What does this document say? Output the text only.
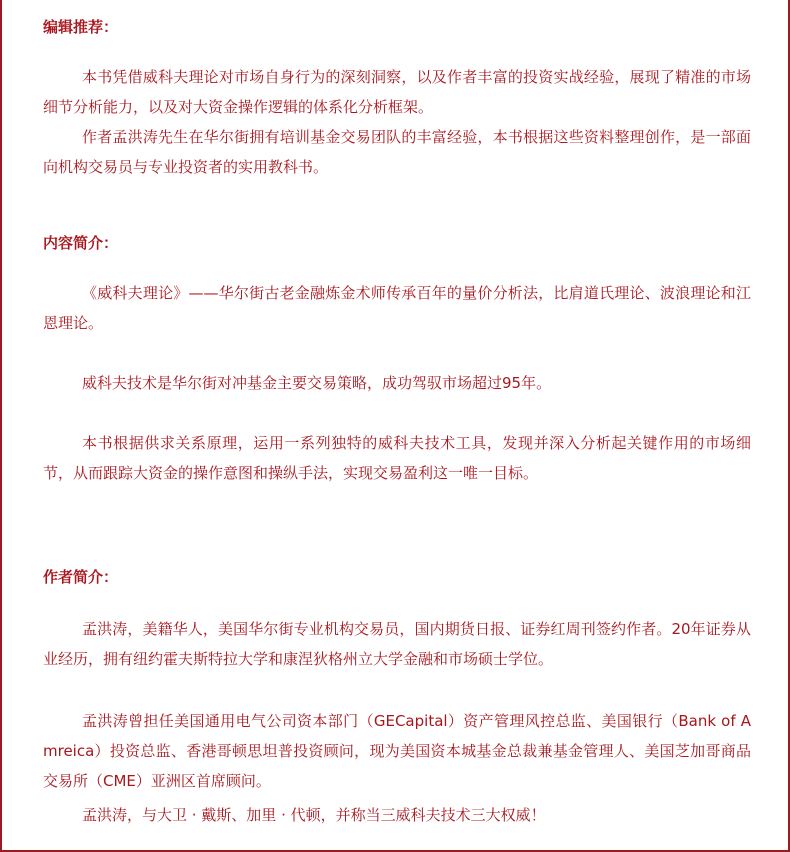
编辑推荐：

本书凭借威科夫理论对市场自身行为的深刻洞察，以及作者丰富的投资实战经验，展现了精准的市场细节分析能力，以及对大资金操作逻辑的体系化分析框架。

作者孟洪涛先生在华尔街拥有培训基金交易团队的丰富经验，本书根据这些资料整理创作，是一部面向机构交易员与专业投资者的实用教科书。

内容简介：

《威科夫理论》——华尔街古老金融炼金术师传承百年的量价分析法，比肩道氏理论、波浪理论和江恩理论。

威科夫技术是华尔街对冲基金主要交易策略，成功驾驭市场超过95年。

本书根据供求关系原理，运用一系列独特的威科夫技术工具，发现并深入分析起关键作用的市场细节，从而跟踪大资金的操作意图和操纵手法，实现交易盈利这一唯一目标。

作者简介：

孟洪涛，美籍华人，美国华尔街专业机构交易员，国内期货日报、证券红周刊签约作者。20年证券从业经历，拥有纽约霍夫斯特拉大学和康涅狄格州立大学金融和市场硕士学位。

孟洪涛曾担任美国通用电气公司资本部门（GECapital）资产管理风控总监、美国银行（Bank of Amreica）投资总监、香港哥顿思坦普投资顾问，现为美国资本城基金总裁兼基金管理人、美国芝加哥商品交易所（CME）亚洲区首席顾问。

孟洪涛，与大卫 · 戴斯、加里 · 代顿，并称当三威科夫技术三大权威！
